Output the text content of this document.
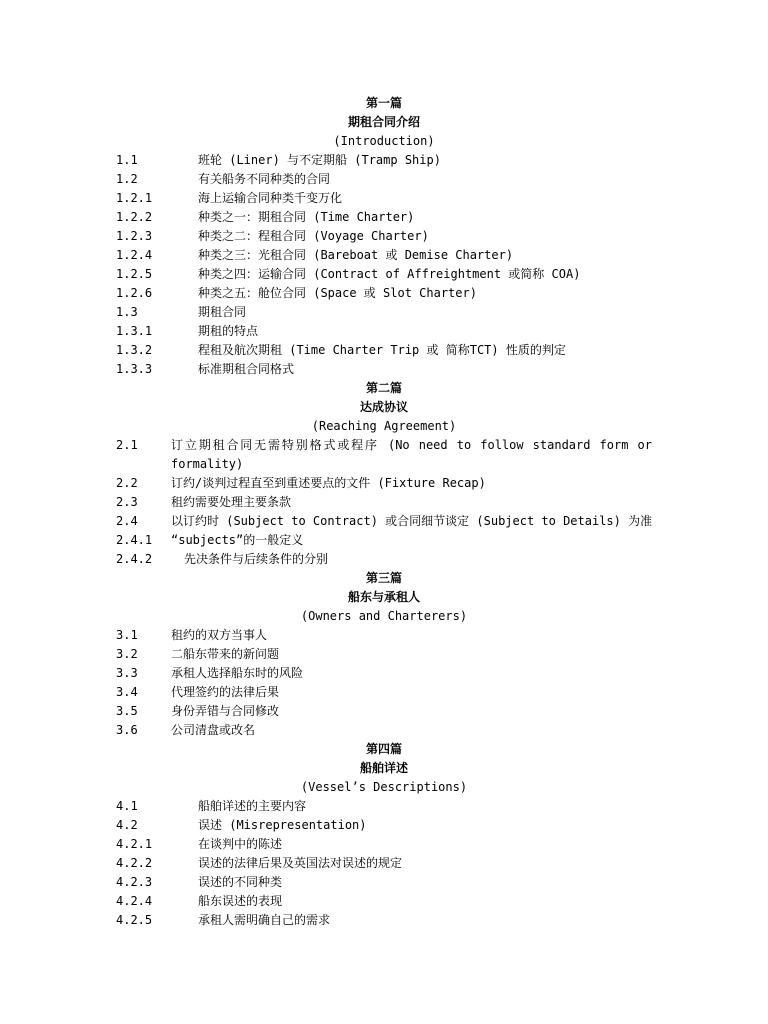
第一篇
期租合同介绍
(Introduction)
1.1	班轮 (Liner) 与不定期船 (Tramp Ship)
1.2	有关船务不同种类的合同
1.2.1	海上运输合同种类千变万化
1.2.2	种类之一：期租合同 (Time Charter)
1.2.3	种类之二：程租合同 (Voyage Charter)
1.2.4	种类之三：光租合同 (Bareboat 或 Demise Charter)
1.2.5	种类之四：运输合同 (Contract of Affreightment 或简称 COA)
1.2.6	种类之五：舱位合同 (Space 或 Slot Charter)
1.3	期租合同
1.3.1	期租的特点
1.3.2	程租及航次期租 (Time Charter Trip 或 简称TCT) 性质的判定
1.3.3	标准期租合同格式
第二篇
达成协议
(Reaching Agreement)
2.1	订立期租合同无需特别格式或程序 (No need to follow standard form or
formality)
2.2	订约/谈判过程直至到重述要点的文件 (Fixture Recap)
2.3	租约需要处理主要条款
2.4	以订约时 (Subject to Contract) 或合同细节谈定 (Subject to Details) 为准
2.4.1 “subjects”的一般定义
2.4.2	先决条件与后续条件的分别
第三篇
船东与承租人
(Owners and Charterers)
3.1	租约的双方当事人
3.2	二船东带来的新问题
3.3	承租人选择船东时的风险
3.4	代理签约的法律后果
3.5	身份弄错与合同修改
3.6	公司清盘或改名
第四篇
船舶详述
(Vessel’s Descriptions)
4.1	船舶详述的主要内容
4.2	误述 (Misrepresentation)
4.2.1	在谈判中的陈述
4.2.2	误述的法律后果及英国法对误述的规定
4.2.3	误述的不同种类
4.2.4	船东误述的表现
4.2.5	承租人需明确自己的需求
